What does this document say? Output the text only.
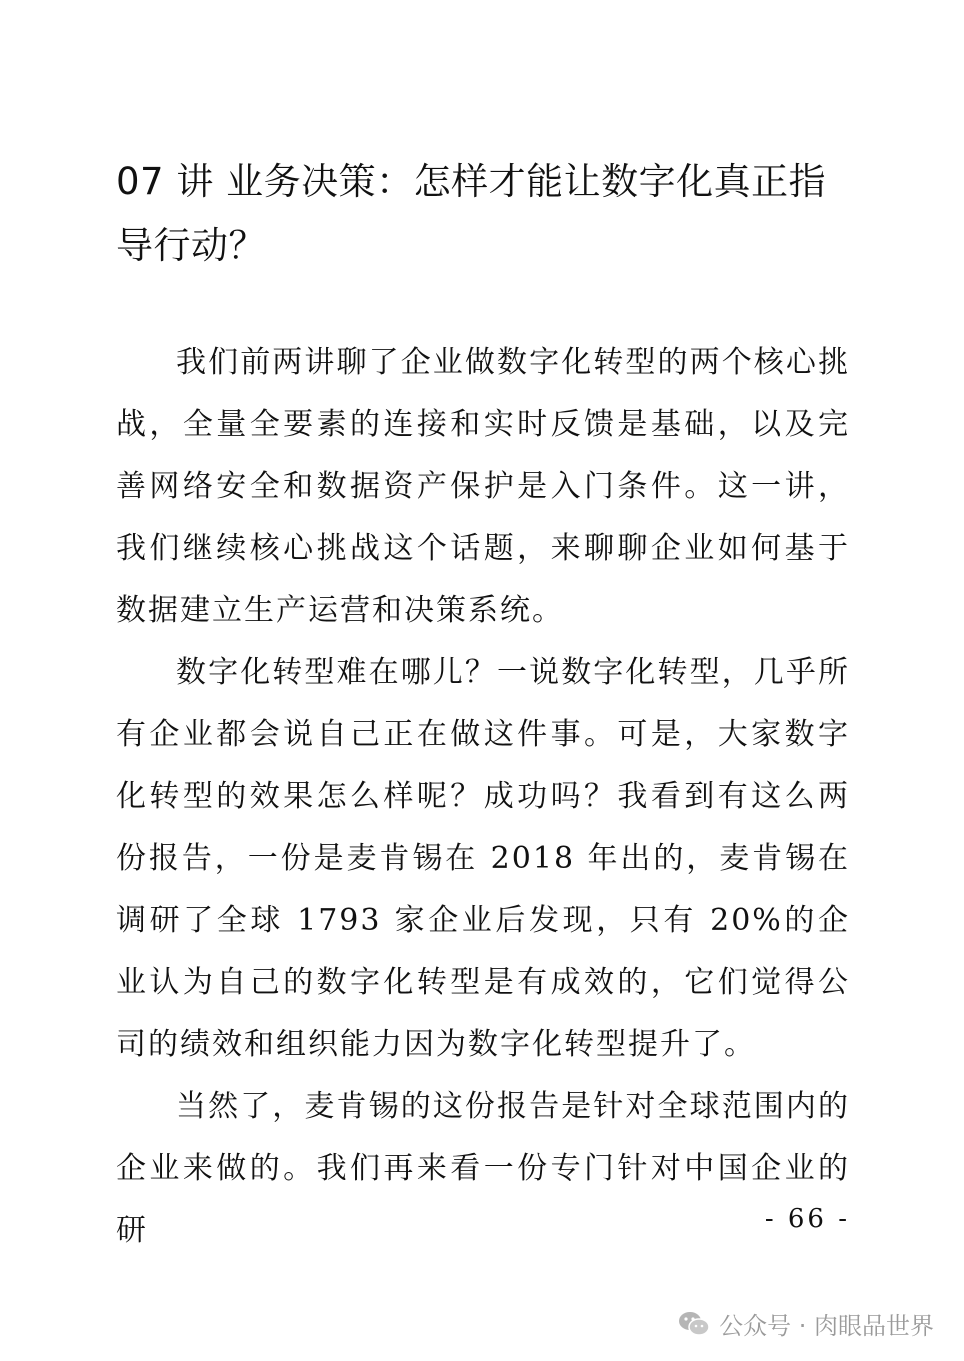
07 讲 业务决策：怎样才能让数字化真正指导行动？

我们前两讲聊了企业做数字化转型的两个核心挑战，全量全要素的连接和实时反馈是基础，以及完善网络安全和数据资产保护是入门条件。这一讲，我们继续核心挑战这个话题，来聊聊企业如何基于数据建立生产运营和决策系统。

数字化转型难在哪儿？一说数字化转型，几乎所有企业都会说自己正在做这件事。可是，大家数字化转型的效果怎么样呢？成功吗？我看到有这么两份报告，一份是麦肯锡在 2018 年出的，麦肯锡在调研了全球 1793 家企业后发现，只有 20%的企业认为自己的数字化转型是有成效的，它们觉得公司的绩效和组织能力因为数字化转型提升了。

当然了，麦肯锡的这份报告是针对全球范围内的企业来做的。我们再来看一份专门针对中国企业的研	- 66 -
公众号 · 肉眼品世界
